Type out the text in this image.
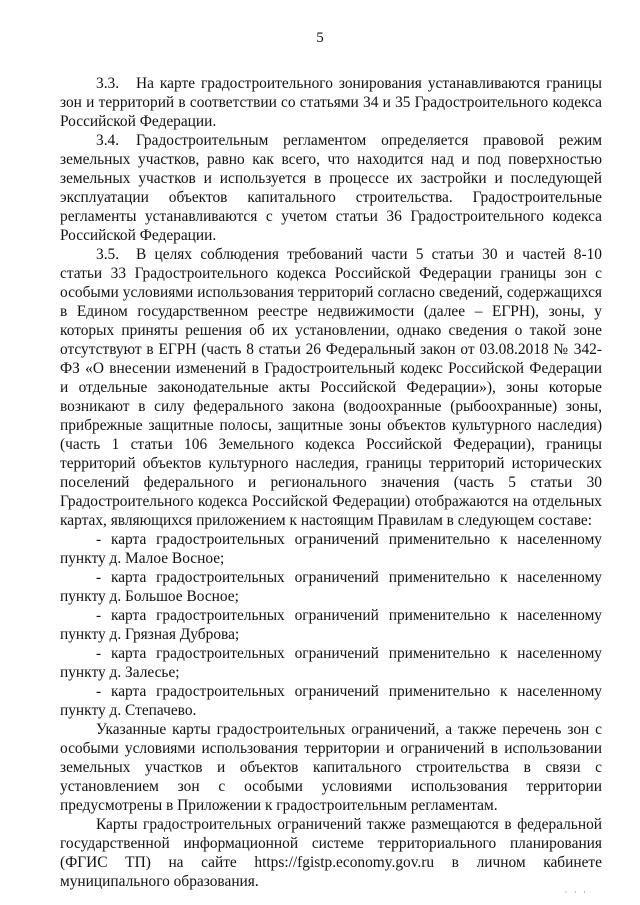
5

3.3. На карте градостроительного зонирования устанавливаются границы зон и территорий в соответствии со статьями 34 и 35 Градостроительного кодекса Российской Федерации.

3.4. Градостроительным регламентом определяется правовой режим земельных участков, равно как всего, что находится над и под поверхностью земельных участков и используется в процессе их застройки и последующей эксплуатации объектов капитального строительства. Градостроительные регламенты устанавливаются с учетом статьи 36 Градостроительного кодекса Российской Федерации.

3.5. В целях соблюдения требований части 5 статьи 30 и частей 8-10 статьи 33 Градостроительного кодекса Российской Федерации границы зон с особыми условиями использования территорий согласно сведений, содержащихся в Едином государственном реестре недвижимости (далее – ЕГРН), зоны, у которых приняты решения об их установлении, однако сведения о такой зоне отсутствуют в ЕГРН (часть 8 статьи 26 Федеральный закон от 03.08.2018 № 342-ФЗ «О внесении изменений в Градостроительный кодекс Российской Федерации и отдельные законодательные акты Российской Федерации»), зоны которые возникают в силу федерального закона (водоохранные (рыбоохранные) зоны, прибрежные защитные полосы, защитные зоны объектов культурного наследия) (часть 1 статьи 106 Земельного кодекса Российской Федерации), границы территорий объектов культурного наследия, границы территорий исторических поселений федерального и регионального значения (часть 5 статьи 30 Градостроительного кодекса Российской Федерации) отображаются на отдельных картах, являющихся приложением к настоящим Правилам в следующем составе:

- карта градостроительных ограничений применительно к населенному пункту д. Малое Восное;

- карта градостроительных ограничений применительно к населенному пункту д. Большое Восное;

- карта градостроительных ограничений применительно к населенному пункту д. Грязная Дуброва;

- карта градостроительных ограничений применительно к населенному пункту д. Залесье;

- карта градостроительных ограничений применительно к населенному пункту д. Степачево.

Указанные карты градостроительных ограничений, а также перечень зон с особыми условиями использования территории и ограничений в использовании земельных участков и объектов капитального строительства в связи с установлением зон с особыми условиями использования территории предусмотрены в Приложении к градостроительным регламентам.

Карты градостроительных ограничений также размещаются в федеральной государственной информационной системе территориального планирования (ФГИС ТП) на сайте https://fgistp.economy.gov.ru в личном кабинете муниципального образования.

· · ·
